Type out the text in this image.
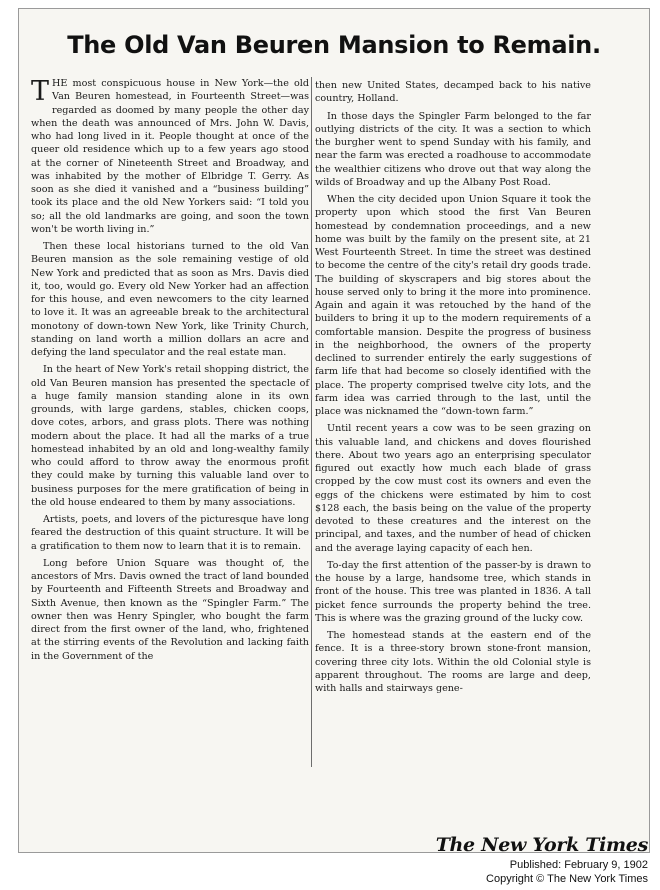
The Old Van Beuren Mansion to Remain.

THE most conspicuous house in New York—the old Van Beuren homestead, in Fourteenth Street—was regarded as doomed by many people the other day when the death was announced of Mrs. John W. Davis, who had long lived in it. People thought at once of the queer old residence which up to a few years ago stood at the corner of Nineteenth Street and Broadway, and was inhabited by the mother of Elbridge T. Gerry. As soon as she died it vanished and a “business building” took its place and the old New Yorkers said: “I told you so; all the old landmarks are going, and soon the town won't be worth living in.”

Then these local historians turned to the old Van Beuren mansion as the sole remaining vestige of old New York and predicted that as soon as Mrs. Davis died it, too, would go. Every old New Yorker had an affection for this house, and even newcomers to the city learned to love it. It was an agreeable break to the architectural monotony of down-town New York, like Trinity Church, standing on land worth a million dollars an acre and defying the land speculator and the real estate man.

In the heart of New York's retail shopping district, the old Van Beuren mansion has presented the spectacle of a huge family mansion standing alone in its own grounds, with large gardens, stables, chicken coops, dove cotes, arbors, and grass plots. There was nothing modern about the place. It had all the marks of a true homestead inhabited by an old and long-wealthy family who could afford to throw away the enormous profit they could make by turning this valuable land over to business purposes for the mere gratification of being in the old house endeared to them by many associations.

Artists, poets, and lovers of the picturesque have long feared the destruction of this quaint structure. It will be a gratification to them now to learn that it is to remain.

Long before Union Square was thought of, the ancestors of Mrs. Davis owned the tract of land bounded by Fourteenth and Fifteenth Streets and Broadway and Sixth Avenue, then known as the “Spingler Farm.” The owner then was Henry Spingler, who bought the farm direct from the first owner of the land, who, frightened at the stirring events of the Revolution and lacking faith in the Government of the

then new United States, decamped back to his native country, Holland.

In those days the Spingler Farm belonged to the far outlying districts of the city. It was a section to which the burgher went to spend Sunday with his family, and near the farm was erected a roadhouse to accommodate the wealthier citizens who drove out that way along the wilds of Broadway and up the Albany Post Road.

When the city decided upon Union Square it took the property upon which stood the first Van Beuren homestead by condemnation proceedings, and a new home was built by the family on the present site, at 21 West Fourteenth Street. In time the street was destined to become the centre of the city's retail dry goods trade. The building of skyscrapers and big stores about the house served only to bring it the more into prominence. Again and again it was retouched by the hand of the builders to bring it up to the modern requirements of a comfortable mansion. Despite the progress of business in the neighborhood, the owners of the property declined to surrender entirely the early suggestions of farm life that had become so closely identified with the place. The property comprised twelve city lots, and the farm idea was carried through to the last, until the place was nicknamed the “down-town farm.”

Until recent years a cow was to be seen grazing on this valuable land, and chickens and doves flourished there. About two years ago an enterprising speculator figured out exactly how much each blade of grass cropped by the cow must cost its owners and even the eggs of the chickens were estimated by him to cost $128 each, the basis being on the value of the property devoted to these creatures and the interest on the principal, and taxes, and the number of head of chicken and the average laying capacity of each hen.

To-day the first attention of the passer-by is drawn to the house by a large, handsome tree, which stands in front of the house. This tree was planted in 1836. A tall picket fence surrounds the property behind the tree. This is where was the grazing ground of the lucky cow.

The homestead stands at the eastern end of the fence. It is a three-story brown stone-front mansion, covering three city lots. Within the old Colonial style is apparent throughout. The rooms are large and deep, with halls and stairways gene-

The New York Times
Published: February 9, 1902
Copyright © The New York Times
